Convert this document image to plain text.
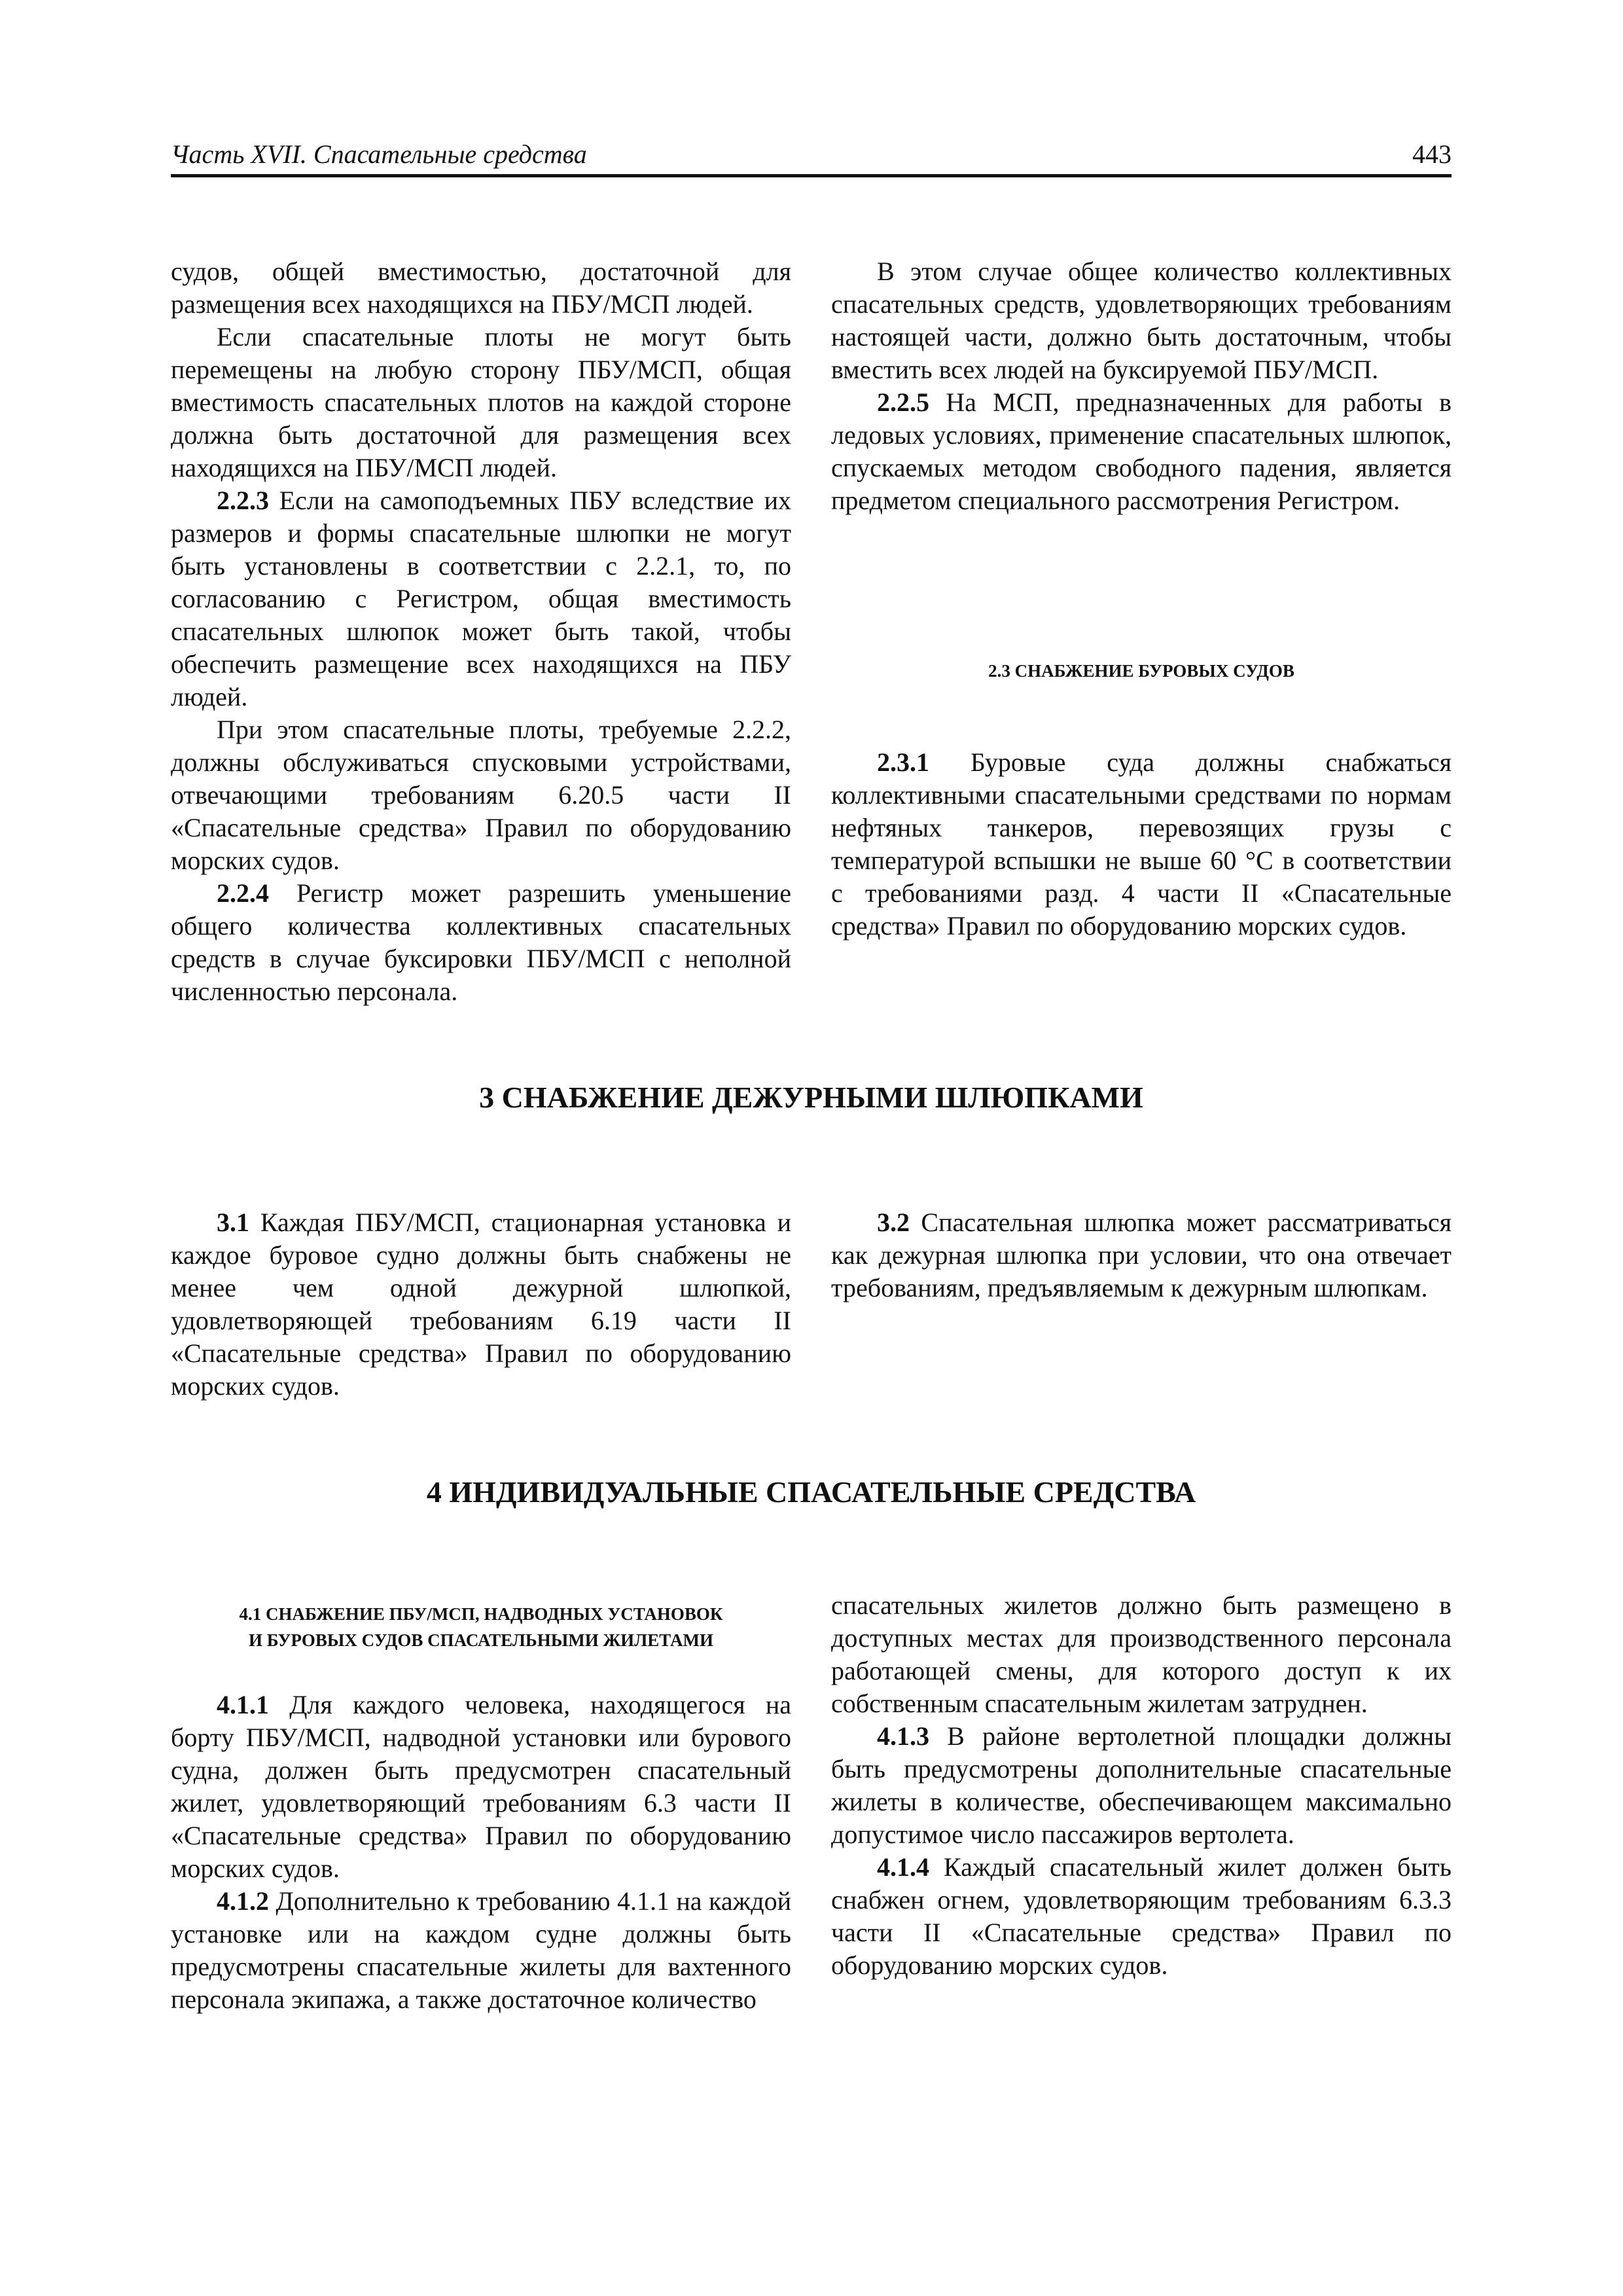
Часть XVII. Спасательные средства	443

судов, общей вместимостью, достаточной для размещения всех находящихся на ПБУ/МСП людей.

Если спасательные плоты не могут быть перемещены на любую сторону ПБУ/МСП, общая вместимость спасательных плотов на каждой стороне должна быть достаточной для размещения всех находящихся на ПБУ/МСП людей.

2.2.3 Если на самоподъемных ПБУ вследствие их размеров и формы спасательные шлюпки не могут быть установлены в соответствии с 2.2.1, то, по согласованию с Регистром, общая вместимость спасательных шлюпок может быть такой, чтобы обеспечить размещение всех находящихся на ПБУ людей.

При этом спасательные плоты, требуемые 2.2.2, должны обслуживаться спусковыми устройствами, отвечающими требованиям 6.20.5 части II «Спасательные средства» Правил по оборудованию морских судов.

2.2.4 Регистр может разрешить уменьшение общего количества коллективных спасательных средств в случае буксировки ПБУ/МСП с неполной численностью персонала.

В этом случае общее количество коллективных спасательных средств, удовлетворяющих требованиям настоящей части, должно быть достаточным, чтобы вместить всех людей на буксируемой ПБУ/МСП.

2.2.5 На МСП, предназначенных для работы в ледовых условиях, применение спасательных шлюпок, спускаемых методом свободного падения, является предметом специального рассмотрения Регистром.

2.3 СНАБЖЕНИЕ БУРОВЫХ СУДОВ

2.3.1 Буровые суда должны снабжаться коллективными спасательными средствами по нормам нефтяных танкеров, перевозящих грузы с температурой вспышки не выше 60 °С в соответствии с требованиями разд. 4 части II «Спасательные средства» Правил по оборудованию морских судов.

3 СНАБЖЕНИЕ ДЕЖУРНЫМИ ШЛЮПКАМИ

3.1 Каждая ПБУ/МСП, стационарная установка и каждое буровое судно должны быть снабжены не менее чем одной дежурной шлюпкой, удовлетворяющей требованиям 6.19 части II «Спасательные средства» Правил по оборудованию морских судов.

3.2 Спасательная шлюпка может рассматриваться как дежурная шлюпка при условии, что она отвечает требованиям, предъявляемым к дежурным шлюпкам.

4 ИНДИВИДУАЛЬНЫЕ СПАСАТЕЛЬНЫЕ СРЕДСТВА
4.1 СНАБЖЕНИЕ ПБУ/МСП, НАДВОДНЫХ УСТАНОВОК
И БУРОВЫХ СУДОВ СПАСАТЕЛЬНЫМИ ЖИЛЕТАМИ

4.1.1 Для каждого человека, находящегося на борту ПБУ/МСП, надводной установки или бурового судна, должен быть предусмотрен спасательный жилет, удовлетворяющий требованиям 6.3 части II «Спасательные средства» Правил по оборудованию морских судов.

4.1.2 Дополнительно к требованию 4.1.1 на каждой установке или на каждом судне должны быть предусмотрены спасательные жилеты для вахтенного персонала экипажа, а также достаточное количество

спасательных жилетов должно быть размещено в доступных местах для производственного персонала работающей смены, для которого доступ к их собственным спасательным жилетам затруднен.

4.1.3 В районе вертолетной площадки должны быть предусмотрены дополнительные спасательные жилеты в количестве, обеспечивающем максимально допустимое число пассажиров вертолета.

4.1.4 Каждый спасательный жилет должен быть снабжен огнем, удовлетворяющим требованиям 6.3.3 части II «Спасательные средства» Правил по оборудованию морских судов.
